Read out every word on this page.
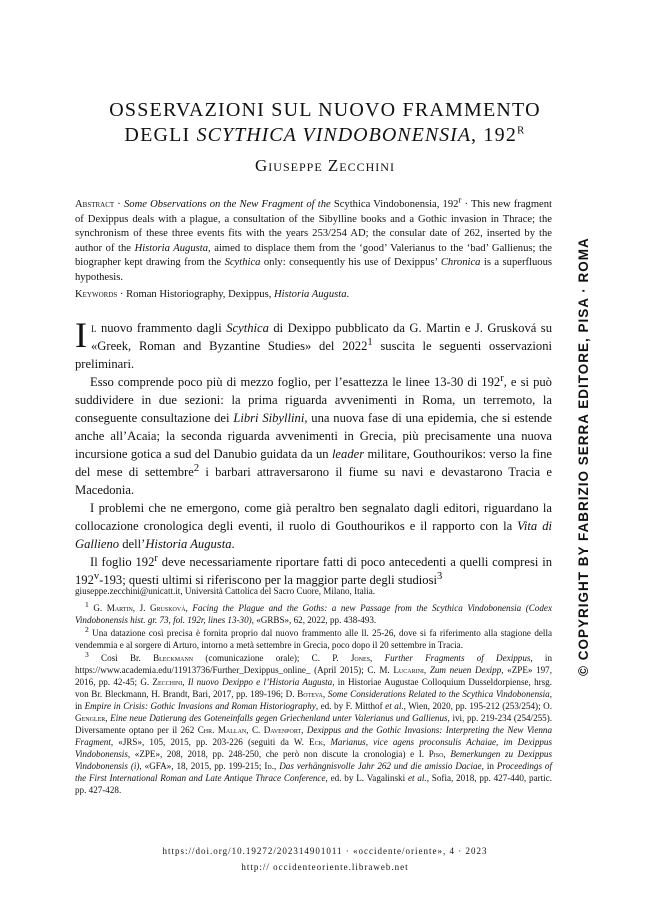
OSSERVAZIONI SUL NUOVO FRAMMENTO
DEGLI SCYTHICA VINDOBONENSIA, $192^R$
Giuseppe Zecchini
Abstract · Some Observations on the New Fragment of the Scythica Vindobonensia, $192^r$ · This new fragment of Dexippus deals with a plague, a consultation of the Sibylline books and a Gothic invasion in Thrace; the synchronism of these three events fits with the years 253/254 AD; the consular date of 262, inserted by the author of the Historia Augusta, aimed to displace them from the ‘good’ Valerianus to the ‘bad’ Gallienus; the biographer kept drawing from the Scythica only: consequently his use of Dexippus’ Chronica is a superfluous hypothesis.
Keywords · Roman Historiography, Dexippus, Historia Augusta.

Il nuovo frammento dagli Scythica di Dexippo pubblicato da G. Martin e J. Grusková su «Greek, Roman and Byzantine Studies» del 2022$^1$ suscita le seguenti osservazioni preliminari.

Esso comprende poco più di mezzo foglio, per l’esattezza le linee 13-30 di 192$^r$, e si può suddividere in due sezioni: la prima riguarda avvenimenti in Roma, un terremoto, la conseguente consultazione dei Libri Sibyllini, una nuova fase di una epidemia, che si estende anche all’Acaia; la seconda riguarda avvenimenti in Grecia, più precisamente una nuova incursione gotica a sud del Danubio guidata da un leader militare, Gouthourikos: verso la fine del mese di settembre$^2$ i barbari attraversarono il fiume su navi e devastarono Tracia e Macedonia.

I problemi che ne emergono, come già peraltro ben segnalato dagli editori, riguardano la collocazione cronologica degli eventi, il ruolo di Gouthourikos e il rapporto con la Vita di Gallieno dell’Historia Augusta.

Il foglio 192$^r$ deve necessariamente riportare fatti di poco antecedenti a quelli compresi in 192$^v$-193; questi ultimi si riferiscono per la maggior parte degli studiosi$^3$

giuseppe.zecchini@unicatt.it, Università Cattolica del Sacro Cuore, Milano, Italia.

$^1$ G. Martin, J. Grusková, Facing the Plague and the Goths: a new Passage from the Scythica Vindobonensia (Codex Vindobonensis hist. gr. 73, fol. 192r, lines 13-30), «GRBS», 62, 2022, pp. 438-493.

$^2$ Una datazione così precisa è fornita proprio dal nuovo frammento alle ll. 25-26, dove si fa riferimento alla stagione della vendemmia e al sorgere di Arturo, intorno a metà settembre in Grecia, poco dopo il 20 settembre in Tracia.

$^3$ Così Br. Bleckmann (comunicazione orale); C. P. Jones, Further Fragments of Dexippus, in https://www.academia.edu/11913736/Further_Dexippus_online_ (April 2015); C. M. Lucarini, Zum neuen Dexipp, «ZPE» 197, 2016, pp. 42-45; G. Zecchini, Il nuovo Dexippo e l’Historia Augusta, in Historiae Augustae Colloquium Dusseldorpiense, hrsg. von Br. Bleckmann, H. Brandt, Bari, 2017, pp. 189-196; D. Boteva, Some Considerations Related to the Scythica Vindobonensia, in Empire in Crisis: Gothic Invasions and Roman Historiography, ed. by F. Mitthof et al., Wien, 2020, pp. 195-212 (253/254); O. Gengler, Eine neue Datierung des Goteneinfalls gegen Griechenland unter Valerianus und Gallienus, ivi, pp. 219-234 (254/255). Diversamente optano per il 262 Chr. Mallan, C. Davenport, Dexippus and the Gothic Invasions: Interpreting the New Vienna Fragment, «JRS», 105, 2015, pp. 203-226 (seguiti da W. Eck, Marianus, vice agens proconsulis Achaiae, im Dexippus Vindobonensis, «ZPE», 208, 2018, pp. 248-250, che però non discute la cronologia) e I. Piso, Bemerkungen zu Dexippus Vindobonensis (i), «GFA», 18, 2015, pp. 199-215; Id., Das verhängnisvolle Jahr 262 und die amissio Daciae, in Proceedings of the First International Roman and Late Antique Thrace Conference, ed. by L. Vagalinski et al., Sofia, 2018, pp. 427-440, partic. pp. 427-428.

https://doi.org/10.19272/202314901011 · «occidente/oriente», 4 · 2023
http:// occidenteoriente.libraweb.net
© COPYRIGHT BY FABRIZIO SERRA EDITORE, PISA · ROMA
